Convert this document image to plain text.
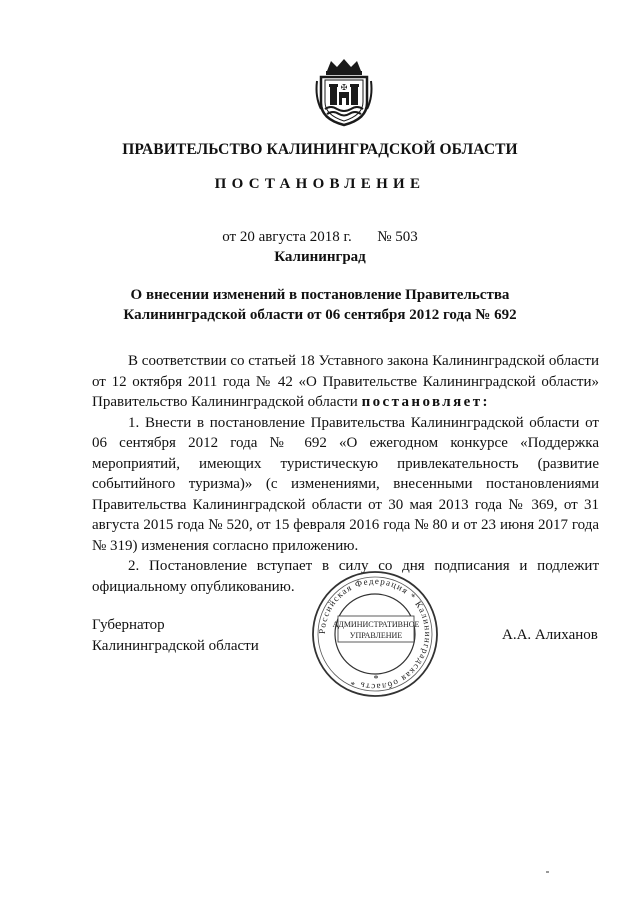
✠
ПРАВИТЕЛЬСТВО КАЛИНИНГРАДСКОЙ ОБЛАСТИ
ПОСТАНОВЛЕНИЕ
от 20 августа 2018 г. № 503
Калининград
О внесении изменений в постановление Правительства
Калининградской области от 06 сентября 2012 года № 692

В соответствии со статьей 18 Уставного закона Калининградской области от 12 октября 2011 года № 42 «О Правительстве Калининградской области» Правительство Калининградской области постановляет:

1. Внести в постановление Правительства Калининградской области от 06 сентября 2012 года № 692 «О ежегодном конкурсе «Поддержка мероприятий, имеющих туристическую привлекательность (развитие событийного туризма)» (с изменениями, внесенными постановлениями Правительства Калининградской области от 30 мая 2013 года № 369, от 31 августа 2015 года № 520, от 15 февраля 2016 года № 80 и от 23 июня 2017 года № 319) изменения согласно приложению.

2. Постановление вступает в силу со дня подписания и подлежит официальному опубликованию.

Губернатор
Калининградской области
Российская Федерация * Калининградская область *
АДМИНИСТРАТИВНОЕ
УПРАВЛЕНИЕ
*
А.А. Алиханов
